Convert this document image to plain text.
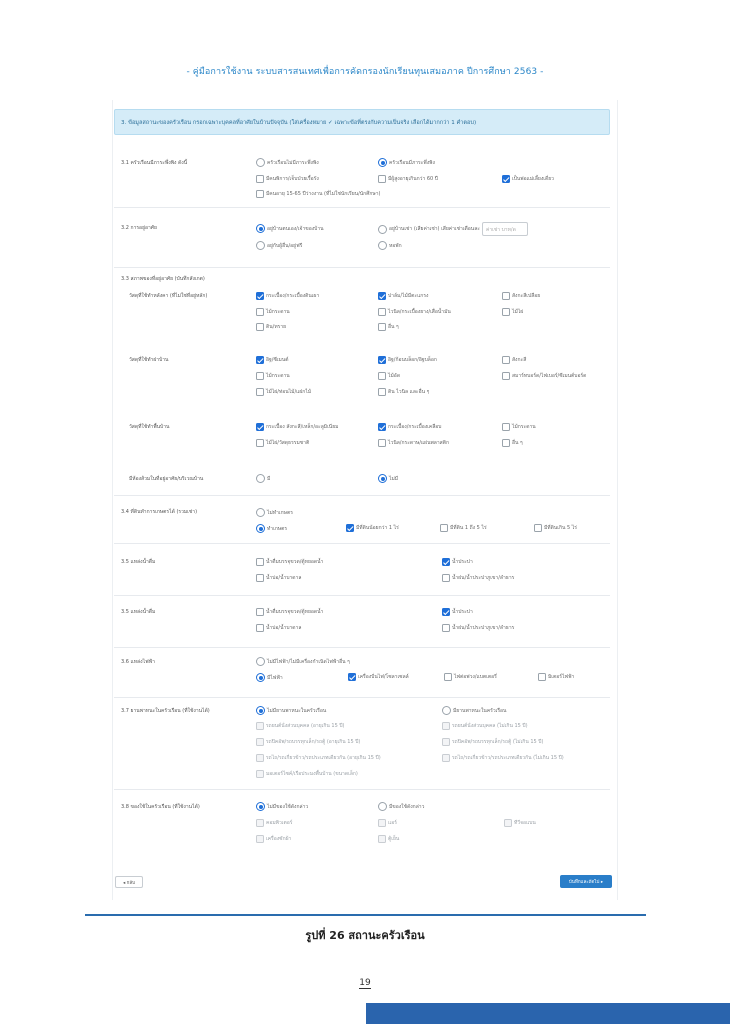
- คู่มือการใช้งาน ระบบสารสนเทศเพื่อการคัดกรองนักเรียนทุนเสมอภาค ปีการศึกษา 2563 -
3. ข้อมูลสถานะของครัวเรือน กรอกเฉพาะบุคคลที่อาศัยในบ้านปัจจุบัน (ใส่เครื่องหมาย ✓ เฉพาะข้อที่ตรงกับความเป็นจริง เลือกได้มากกว่า 1 คำตอบ)
3.1 ครัวเรือนมีภาระพึ่งพิง ดังนี้	ครัวเรือนไม่มีภาระพึ่งพิง	ครัวเรือนมีภาระพึ่งพิง
มีคนพิการ/เจ็บป่วยเรื้อรัง	มีผู้สูงอายุเกินกว่า 60 ปี	เป็นพ่อแม่เลี้ยงเดี่ยว
มีคนอายุ 15-65 ปีว่างงาน (ที่ไม่ใช่นักเรียน/นักศึกษา)
3.2 การอยู่อาศัย	อยู่บ้านตนเอง/เจ้าของบ้าน	อยู่บ้านเช่า (เสียค่าเช่า) เสียค่าเช่าเดือนละ	ค่าเช่า บาท/ด
อยู่กับผู้อื่น/อยู่ฟรี	หอพัก
3.3 สภาพของที่อยู่อาศัย (บันทึกสังเกต)
วัสดุที่ใช้ทำหลังคา (ที่ไม่ใช่ที่อยู่หลัก)	กระเบื้อง/กระเบื้องดินเผา	ปาล์ม/ไม้มีตะแกรง	สังกะสีเปลือย
ไม้กระดาน	ไวนิล/กระเบื้องยาง/เสื่อน้ำมัน	ไม้ไผ่
ดิน/ทราย	อื่น ๆ
วัสดุที่ใช้ทำฝาบ้าน	อิฐ/ซีเมนต์	อิฐ/ก้อนบล็อก/อิฐบล็อก	สังกะสี
ไม้กระดาน	ไม้อัด	สมาร์ทบอร์ด/ไฟเบอร์/ซีเมนต์บอร์ด
ไม้ไผ่/ท่อนไม้/แฝกไม้	ดิน ไวนิล และอื่น ๆ
วัสดุที่ใช้ทำพื้นบ้าน	กระเบื้อง สังกะสี/เหล็ก/อะลูมิเนียม	กระเบื้อง/กระเบื้องเคลือบ	ไม้กระดาน
ไม้ไผ่/วัสดุธรรมชาติ	ไวนิล/กระดาษ/แผ่นพลาสติก	อื่น ๆ
มีห้องส้วมในที่อยู่อาศัย/บริเวณบ้าน	มี	ไม่มี
3.4 ที่ดินทำการเกษตรได้ (รวมเช่า)	ไม่ทำเกษตร
ทำเกษตร	มีที่ดินน้อยกว่า 1 ไร่	มีที่ดิน 1 ถึง 5 ไร่	มีที่ดินเกิน 5 ไร่
3.5 แหล่งน้ำดื่ม	น้ำดื่มบรรจุขวด/ตู้หยอดน้ำ	น้ำประปา
น้ำบ่อ/น้ำบาดาล	น้ำฝน/น้ำประปาภูเขา/ลำธาร
3.5 แหล่งน้ำดื่ม	น้ำดื่มบรรจุขวด/ตู้หยอดน้ำ	น้ำประปา
น้ำบ่อ/น้ำบาดาล	น้ำฝน/น้ำประปาภูเขา/ลำธาร
3.6 แหล่งไฟฟ้า	ไม่มีไฟฟ้า/ไม่มีเครื่องกำเนิดไฟฟ้าอื่น ๆ
มีไฟฟ้า	เครื่องปั่นไฟ/โซลาเซลล์	ไฟต่อพ่วง/แบตเตอรี่	มิเตอร์ไฟฟ้า
3.7 ยานพาหนะในครัวเรือน (ที่ใช้งานได้)	ไม่มียานพาหนะในครัวเรือน	มียานพาหนะในครัวเรือน
รถยนต์นั่งส่วนบุคคล (อายุเกิน 15 ปี)	รถยนต์นั่งส่วนบุคคล (ไม่เกิน 15 ปี)
รถปิคอัพ/รถบรรทุกเล็ก/รถตู้ (อายุเกิน 15 ปี)	รถปิคอัพ/รถบรรทุกเล็ก/รถตู้ (ไม่เกิน 15 ปี)
รถไถ/รถเกี่ยวข้าว/รถประเภทเดียวกัน (อายุเกิน 15 ปี)	รถไถ/รถเกี่ยวข้าว/รถประเภทเดียวกัน (ไม่เกิน 15 ปี)
มอเตอร์ไซค์/เรือประมงพื้นบ้าน (ขนาดเล็ก)
3.8 ของใช้ในครัวเรือน (ที่ใช้งานได้)	ไม่มีของใช้ดังกล่าว	มีของใช้ดังกล่าว
คอมพิวเตอร์	แอร์	ทีวีจอแบน
เครื่องซักผ้า	ตู้เย็น
◂ กลับ	บันทึกและถัดไป ▸
รูปที่ 26 สถานะครัวเรือน
19
